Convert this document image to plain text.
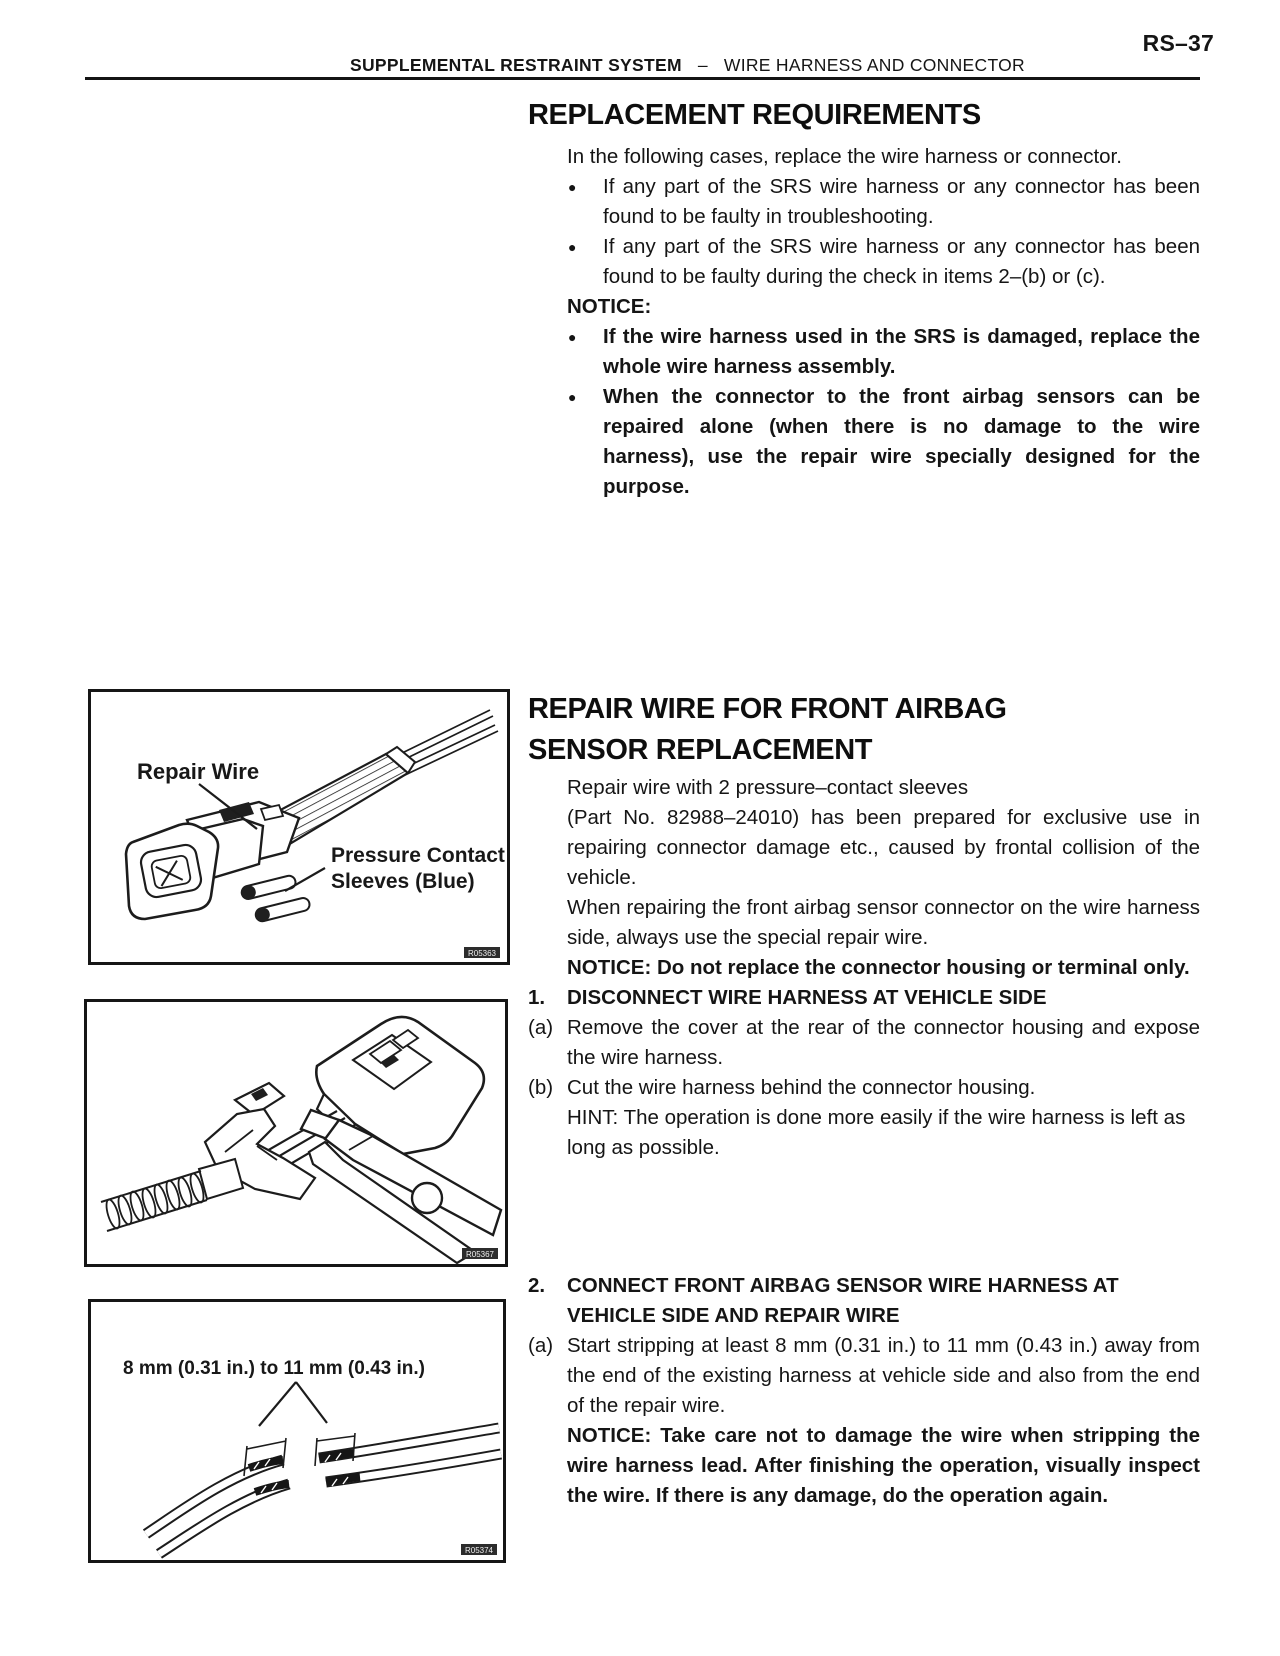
RS–37
SUPPLEMENTAL RESTRAINT SYSTEM – WIRE HARNESS AND CONNECTOR
REPLACEMENT REQUIREMENTS
In the following cases, replace the wire harness or connector.
●	If any part of the SRS wire harness or any connector has been found to be faulty in troubleshooting.
●	If any part of the SRS wire harness or any connector has been found to be faulty during the check in items 2–(b) or (c).
NOTICE:
●	If the wire harness used in the SRS is damaged, replace the whole wire harness assembly.
●	When the connector to the front airbag sensors can be repaired alone (when there is no damage to the wire harness), use the repair wire specially designed for the purpose.
REPAIR WIRE FOR FRONT AIRBAG
SENSOR REPLACEMENT
Repair wire with 2 pressure–contact sleeves
(Part No. 82988–24010) has been prepared for exclusive use in repairing connector damage etc., caused by frontal collision of the vehicle.
When repairing the front airbag sensor connector on the wire harness side, always use the special repair wire.
NOTICE: Do not replace the connector housing or terminal only.
1.	DISCONNECT WIRE HARNESS AT VEHICLE SIDE
(a) Remove the cover at the rear of the connector housing and expose the wire harness.
(b) Cut the wire harness behind the connector housing.
HINT: The operation is done more easily if the wire harness is left as long as possible.
2.	CONNECT FRONT AIRBAG SENSOR WIRE HARNESS AT VEHICLE SIDE AND REPAIR WIRE
(a) Start stripping at least 8 mm (0.31 in.) to 11 mm (0.43 in.) away from the end of the existing harness at vehicle side and also from the end of the repair wire.
NOTICE: Take care not to damage the wire when stripping the wire harness lead. After finishing the operation, visually inspect the wire. If there is any damage, do the operation again.
Repair Wire
Pressure Contact
Sleeves (Blue)
R05363
R05367
8 mm (0.31 in.) to 11 mm (0.43 in.)
R05374
